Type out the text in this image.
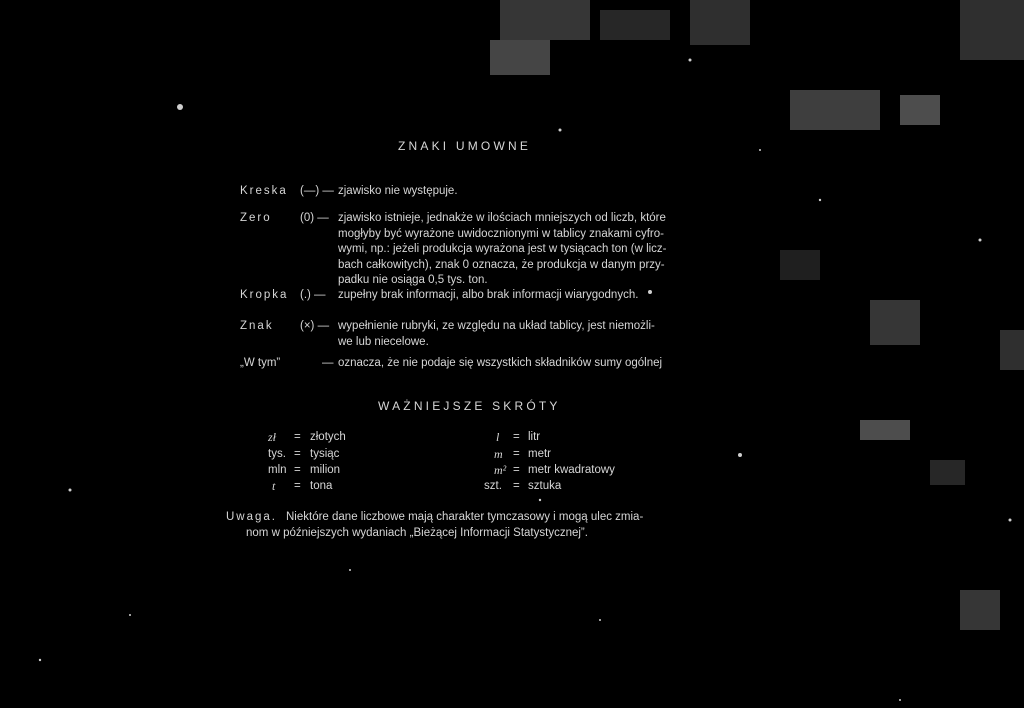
ZNAKI UMOWNE
Kreska (—) — zjawisko nie występuje.
Zero (0) — zjawisko istnieje, jednakże w ilościach mniejszych od liczb, które
mogłyby być wyrażone uwidocznionymi w tablicy znakami cyfro-
wymi, np.: jeżeli produkcja wyrażona jest w tysiącach ton (w licz-
bach całkowitych), znak 0 oznacza, że produkcja w danym przy-
padku nie osiąga 0,5 tys. ton.
Kropka (.) — zupełny brak informacji, albo brak informacji wiarygodnych.
Znak (×) — wypełnienie rubryki, ze względu na układ tablicy, jest niemożli-
we lub niecelowe.
„W tym”	— oznacza, że nie podaje się wszystkich składników sumy ogólnej
WAŻNIEJSZE SKRÓTY
zł = złotych
tys. = tysiąc
mln = milion
t = tona
l = litr
m = metr
m² = metr kwadratowy
szt. = sztuka
Uwaga. Niektóre dane liczbowe mają charakter tymczasowy i mogą ulec zmia-
nom w późniejszych wydaniach „Bieżącej Informacji Statystycznej”.
